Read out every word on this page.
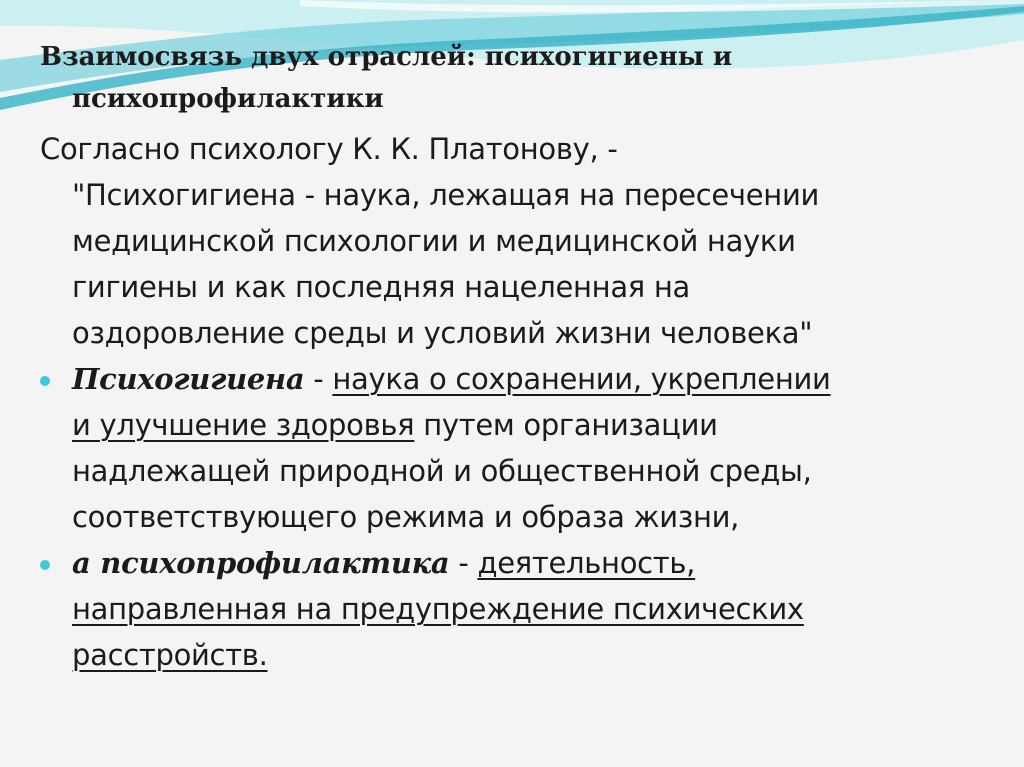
Взаимосвязь двух отраслей: психогигиены и
психопрофилактики

Согласно психологу К. К. Платонову, -
"Психогигиена - наука, лежащая на пересечении
медицинской психологии и медицинской науки
гигиены и как последняя нацеленная на
оздоровление среды и условий жизни человека"

Психогигиена - наука о сохранении, укреплении
и улучшение здоровья путем организации
надлежащей природной и общественной среды,
соответствующего режима и образа жизни,

а психопрофилактика - деятельность,
направленная на предупреждение психических
расстройств.
